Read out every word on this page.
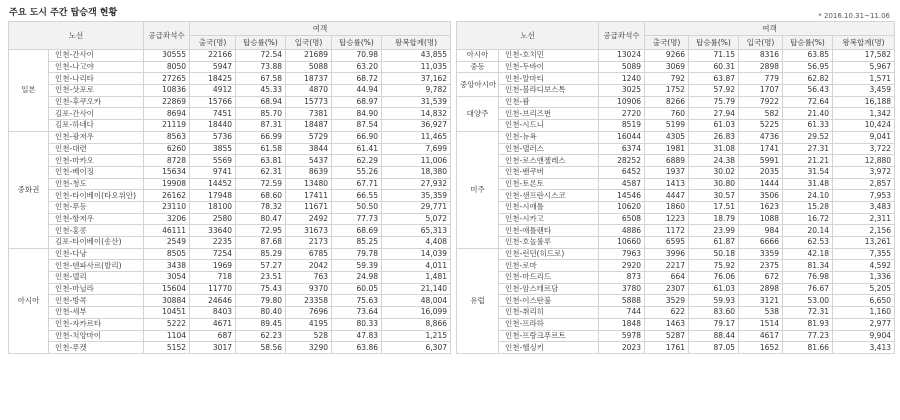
주요 도시 주간 탑승객 현황	* 2016.10.31~11.06
노선		공급좌석수	여객				
			출국(명)	탑승률(%)	입국(명)	탑승률(%)	왕복합계(명)
일본	인천-간사이	30555	22166	72.54	21689	70.98	43,855
	인천-나고야	8050	5947	73.88	5088	63.20	11,035
	인천-나리타	27265	18425	67.58	18737	68.72	37,162
	인천-삿포로	10836	4912	45.33	4870	44.94	9,782
	인천-후쿠오카	22869	15766	68.94	15773	68.97	31,539
	김포-간사이	8694	7451	85.70	7381	84.90	14,832
	김포-하네다	21119	18440	87.31	18487	87.54	36,927
중화권	인천-광저우	8563	5736	66.99	5729	66.90	11,465
	인천-대련	6260	3855	61.58	3844	61.41	7,699
	인천-마카오	8728	5569	63.81	5437	62.29	11,006
	인천-베이징	15634	9741	62.31	8639	55.26	18,380
	인천-청도	19908	14452	72.59	13480	67.71	27,932
	인천-타이베이(타오위안)	26162	17948	68.60	17411	66.55	35,359
	인천-푸동	23110	18100	78.32	11671	50.50	29,771
	인천-항저우	3206	2580	80.47	2492	77.73	5,072
	인천-홍콩	46111	33640	72.95	31673	68.69	65,313
	김포-타이베이(송산)	2549	2235	87.68	2173	85.25	4,408
아시아	인천-다낭	8505	7254	85.29	6785	79.78	14,039
	인천-덴파사르(발리)	3438	1969	57.27	2042	59.39	4,011
	인천-델리	3054	718	23.51	763	24.98	1,481
	인천-마닐라	15604	11770	75.43	9370	60.05	21,140
	인천-방콕	30884	24646	79.80	23358	75.63	48,004
	인천-세부	10451	8403	80.40	7696	73.64	16,099
	인천-자카르타	5222	4671	89.45	4195	80.33	8,866
	인천-치앙마이	1104	687	62.23	528	47.83	1,215
	인천-푸켓	5152	3017	58.56	3290	63.86	6,307
노선		공급좌석수	여객				
			출국(명)	탑승률(%)	입국(명)	탑승률(%)	왕복합계(명)
아시아	인천-호치민	13024	9266	71.15	8316	63.85	17,582
중동	인천-두바이	5089	3069	60.31	2898	56.95	5,967
중앙아시아	인천-알마티	1240	792	63.87	779	62.82	1,571
	인천-블라디보스톡	3025	1752	57.92	1707	56.43	3,459
대양주	인천-괌	10906	8266	75.79	7922	72.64	16,188
	인천-브리즈번	2720	760	27.94	582	21.40	1,342
	인천-시드니	8519	5199	61.03	5225	61.33	10,424
미주	인천-뉴욕	16044	4305	26.83	4736	29.52	9,041
	인천-댈러스	6374	1981	31.08	1741	27.31	3,722
	인천-로스앤젤레스	28252	6889	24.38	5991	21.21	12,880
	인천-밴쿠버	6452	1937	30.02	2035	31.54	3,972
	인천-토론토	4587	1413	30.80	1444	31.48	2,857
	인천-샌프란시스코	14546	4447	30.57	3506	24.10	7,953
	인천-시애틀	10620	1860	17.51	1623	15.28	3,483
	인천-시카고	6508	1223	18.79	1088	16.72	2,311
	인천-애틀랜타	4886	1172	23.99	984	20.14	2,156
	인천-호놀룰루	10660	6595	61.87	6666	62.53	13,261
유럽	인천-런던(히드로)	7963	3996	50.18	3359	42.18	7,355
	인천-로마	2920	2217	75.92	2375	81.34	4,592
	인천-마드리드	873	664	76.06	672	76.98	1,336
	인천-암스테르담	3780	2307	61.03	2898	76.67	5,205
	인천-이스탄불	5888	3529	59.93	3121	53.00	6,650
	인천-취리히	744	622	83.60	538	72.31	1,160
	인천-프라하	1848	1463	79.17	1514	81.93	2,977
	인천-프랑크푸르트	5978	5287	88.44	4617	77.23	9,904
	인천-헬싱키	2023	1761	87.05	1652	81.66	3,413
